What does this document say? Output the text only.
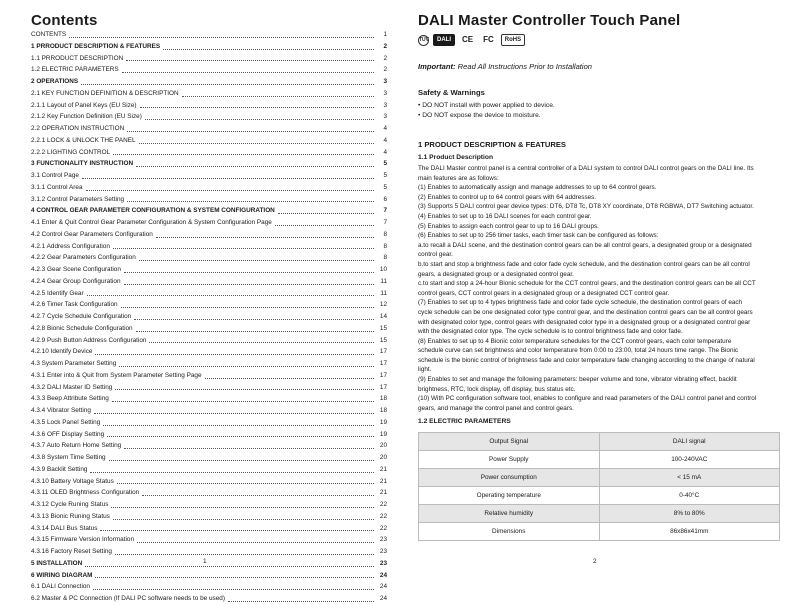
Contents
CONTENTS	1
1 PRRODUCT DESCRIPTION & FEATURES	2
1.1 PRRODUCT DESCRIPTION	2
1.2 ELECTRIC PARAMETERS	2
2 OPERATIONS	3
2.1 KEY FUNCTION DEFINITION & DESCRIPTION	3
2.1.1 Layout of Panel Keys (EU Size)	3
2.1.2 Key Function Definition (EU Size)	3
2.2 OPERATION INSTRUCTION	4
2.2.1 LOCK & UNLOCK THE PANEL	4
2.2.2 LIGHTING CONTROL	4
3 FUNCTIONALITY INSTRUCTION	5
3.1 Control Page	5
3.1.1 Control Area	5
3.1.2 Control Parameters Setting	6
4 CONTROL GEAR PARAMETER CONFIGURATION & SYSTEM CONFIGURATION	7
4.1 Enter & Quit Control Gear Parameter Configuration & System Configuration Page	7
4.2 Control Gear Parameters Configuration	8
4.2.1 Address Configuration	8
4.2.2 Gear Parameters Configuration	8
4.2.3 Gear Scene Configuration	10
4.2.4 Gear Group Configuration	11
4.2.5 Identify Gear	11
4.2.6 Timer Task Configuration	12
4.2.7 Cycle Schedule Configuration	14
4.2.8 Bionic Schedule Configuration	15
4.2.9 Push Button Address Configuration	15
4.2.10 Identify Device	17
4.3 System Parameter Setting	17
4.3.1 Enter into & Quit from System Parameter Setting Page	17
4.3.2 DALI Master ID Setting	17
4.3.3 Beep Attribute Setting	18
4.3.4 Vibrator Setting	18
4.3.5 Lock Panel Setting	19
4.3.6 OFF Display Setting	19
4.3.7 Auto Return Home Setting	20
4.3.8 System Time Setting	20
4.3.9 Backlit Setting	21
4.3.10 Battery Voltage Status	21
4.3.11 OLED Brightness Configuration	21
4.3.12 Cycle Runing Status	22
4.3.13 Bionic Runing Status	22
4.3.14 DALI Bus Status	22
4.3.15 Firmware Version Information	23
4.3.16 Factory Reset Setting	23
5 INSTALLATION	23
6 WIRING DIAGRAM	24
6.1 DALI Connection	24
6.2 Master & PC Connection (If DALI PC software needs to be used)	24
1
DALI Master Controller Touch Panel
TÜV	DALI	CE	FC	RoHS
Important: Read All Instructions Prior to Installation
Safety & Warnings
• DO NOT install with power applied to device.
• DO NOT expose the device to moisture.
1 PRODUCT DESCRIPTION & FEATURES
1.1 Product Description
The DALI Master control panel is a central controller of a DALI system to control DALI control gears on the DALI line. Its
main features are as follows:
(1) Enables to automatically assign and manage addresses to up to 64 control gears.
(2) Enables to control up to 64 control gears with 64 addresses.
(3) Supports 5 DALI control gear device types: DT6, DT8 Tc, DT8 XY coordinate, DT8 RGBWA, DT7 Switching actuator.
(4) Enables to set up to 16 DALI scenes for each control gear.
(5) Enables to assign each control gear to up to 16 DALI groups.
(6) Enables to set up to 256 timer tasks, each timer task can be configured as follows:
a.to recall a DALI scene, and the destination control gears can be all control gears, a designated group or a designated
control gear.
b.to start and stop a brightness fade and color fade cycle schedule, and the destination control gears can be all control
gears, a designated group or a designated control gear.
c.to start and stop a 24-hour Bionic schedule for the CCT control gears, and the destination control gears can be all CCT
control gears, CCT control gears in a designated group or a designated CCT control gear.
(7) Enables to set up to 4 types brightness fade and color fade cycle schedule, the destination control gears of each
cycle schedule can be one designated color type control gear, and the destination control gears can be all control gears
with designated color type, control gears with designated color type in a designated group or a designated control gear
with the designated color type. The cycle schedule is to control brightness fade and color fade.
(8) Enables to set up to 4 Bionic color temperature schedules for the CCT control gears, each color temperature
schedule curve can set brightness and color temperature from 0:00 to 23:00, total 24 hours time range. The Bionic
schedule is the bionic control of brightness fade and color temperature fade changing according to the change of natural
light.
(9) Enables to set and manage the following parameters: beeper volume and tone, vibrator vibrating effect, backlit
brightness, RTC, lock display, off display, bus status etc.
(10) With PC configuration software tool, enables to configure and read parameters of the DALI control panel and control
gears, and manage the control panel and control gears.
1.2 ELECTRIC PARAMETERS
Output Signal	DALI signal
Power Supply	100-240VAC
Power consumption	< 15 mA
Operating temperature	0-40°C
Relative humidity	8% to 80%
Dimensions	86x86x41mm
2
